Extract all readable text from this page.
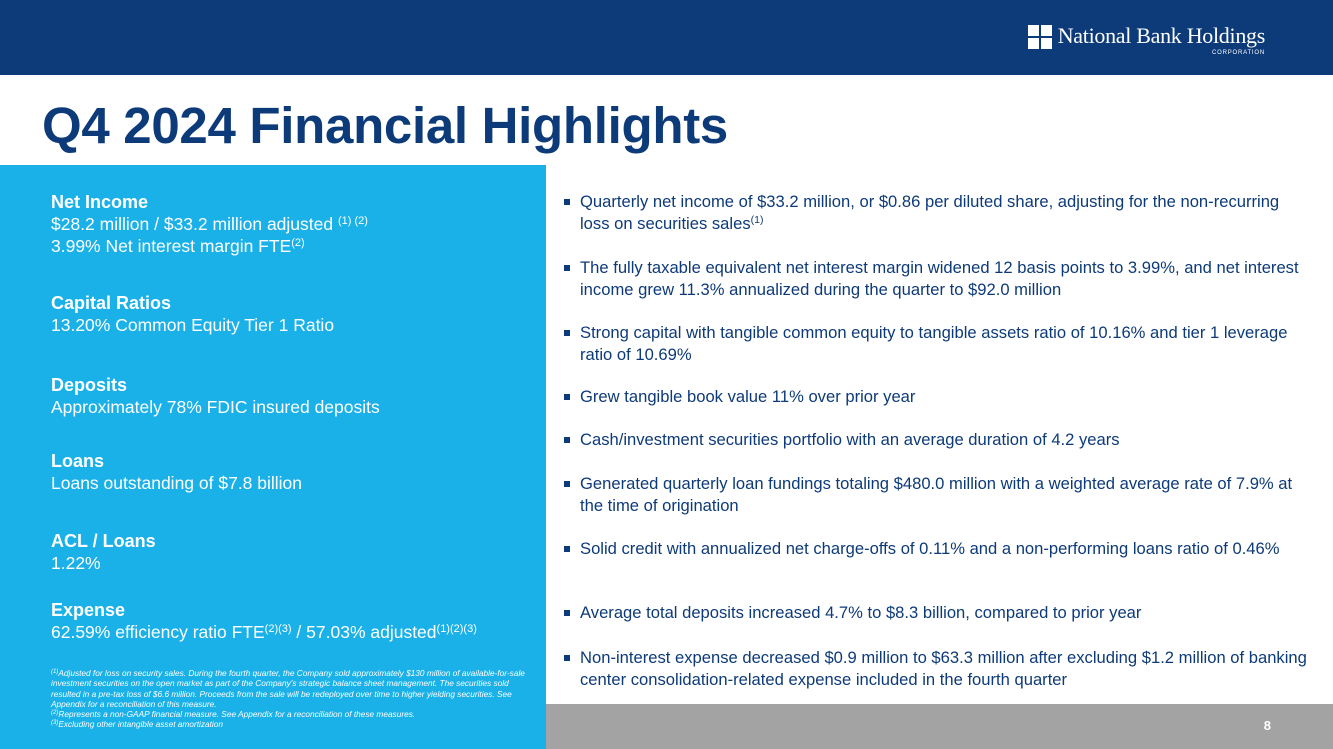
National Bank Holdings
CORPORATION
Q4 2024 Financial Highlights
Net Income
$28.2 million / $33.2 million adjusted $^{(1) (2)}$
3.99% Net interest margin FTE$^{(2)}$
Capital Ratios
13.20% Common Equity Tier 1 Ratio
Deposits
Approximately 78% FDIC insured deposits
Loans
Loans outstanding of $7.8 billion
ACL / Loans
1.22%
Expense
62.59% efficiency ratio $FTE^{(2)(3)} / 57.03\%$ adjusted$^{(1)(2)(3)}$

$^{(1)}$Adjusted for loss on security sales. During the fourth quarter, the Company sold approximately $130 million of available-for-sale investment securities on the open market as part of the Company's strategic balance sheet management. The securities sold resulted in a pre-tax loss of $6.6 million. Proceeds from the sale will be redeployed over time to higher yielding securities. See Appendix for a reconciliation of this measure.

$^{(2)}$Represents a non-GAAP financial measure. See Appendix for a reconciliation of these measures.

$^{(3)}$Excluding other intangible asset amortization	8
Quarterly net income of $33.2 million, or $0.86 per diluted share, adjusting for the non-recurring loss on securities sales$^{(1)}$
The fully taxable equivalent net interest margin widened 12 basis points to 3.99%, and net interest income grew 11.3% annualized during the quarter to $92.0 million
Strong capital with tangible common equity to tangible assets ratio of 10.16% and tier 1 leverage ratio of 10.69%
Grew tangible book value 11% over prior year
Cash/investment securities portfolio with an average duration of 4.2 years
Generated quarterly loan fundings totaling $480.0 million with a weighted average rate of 7.9% at the time of origination
Solid credit with annualized net charge-offs of 0.11% and a non-performing loans ratio of 0.46%
Average total deposits increased 4.7% to $8.3 billion, compared to prior year
Non-interest expense decreased $0.9 million to $63.3 million after excluding $1.2 million of banking center consolidation-related expense included in the fourth quarter
